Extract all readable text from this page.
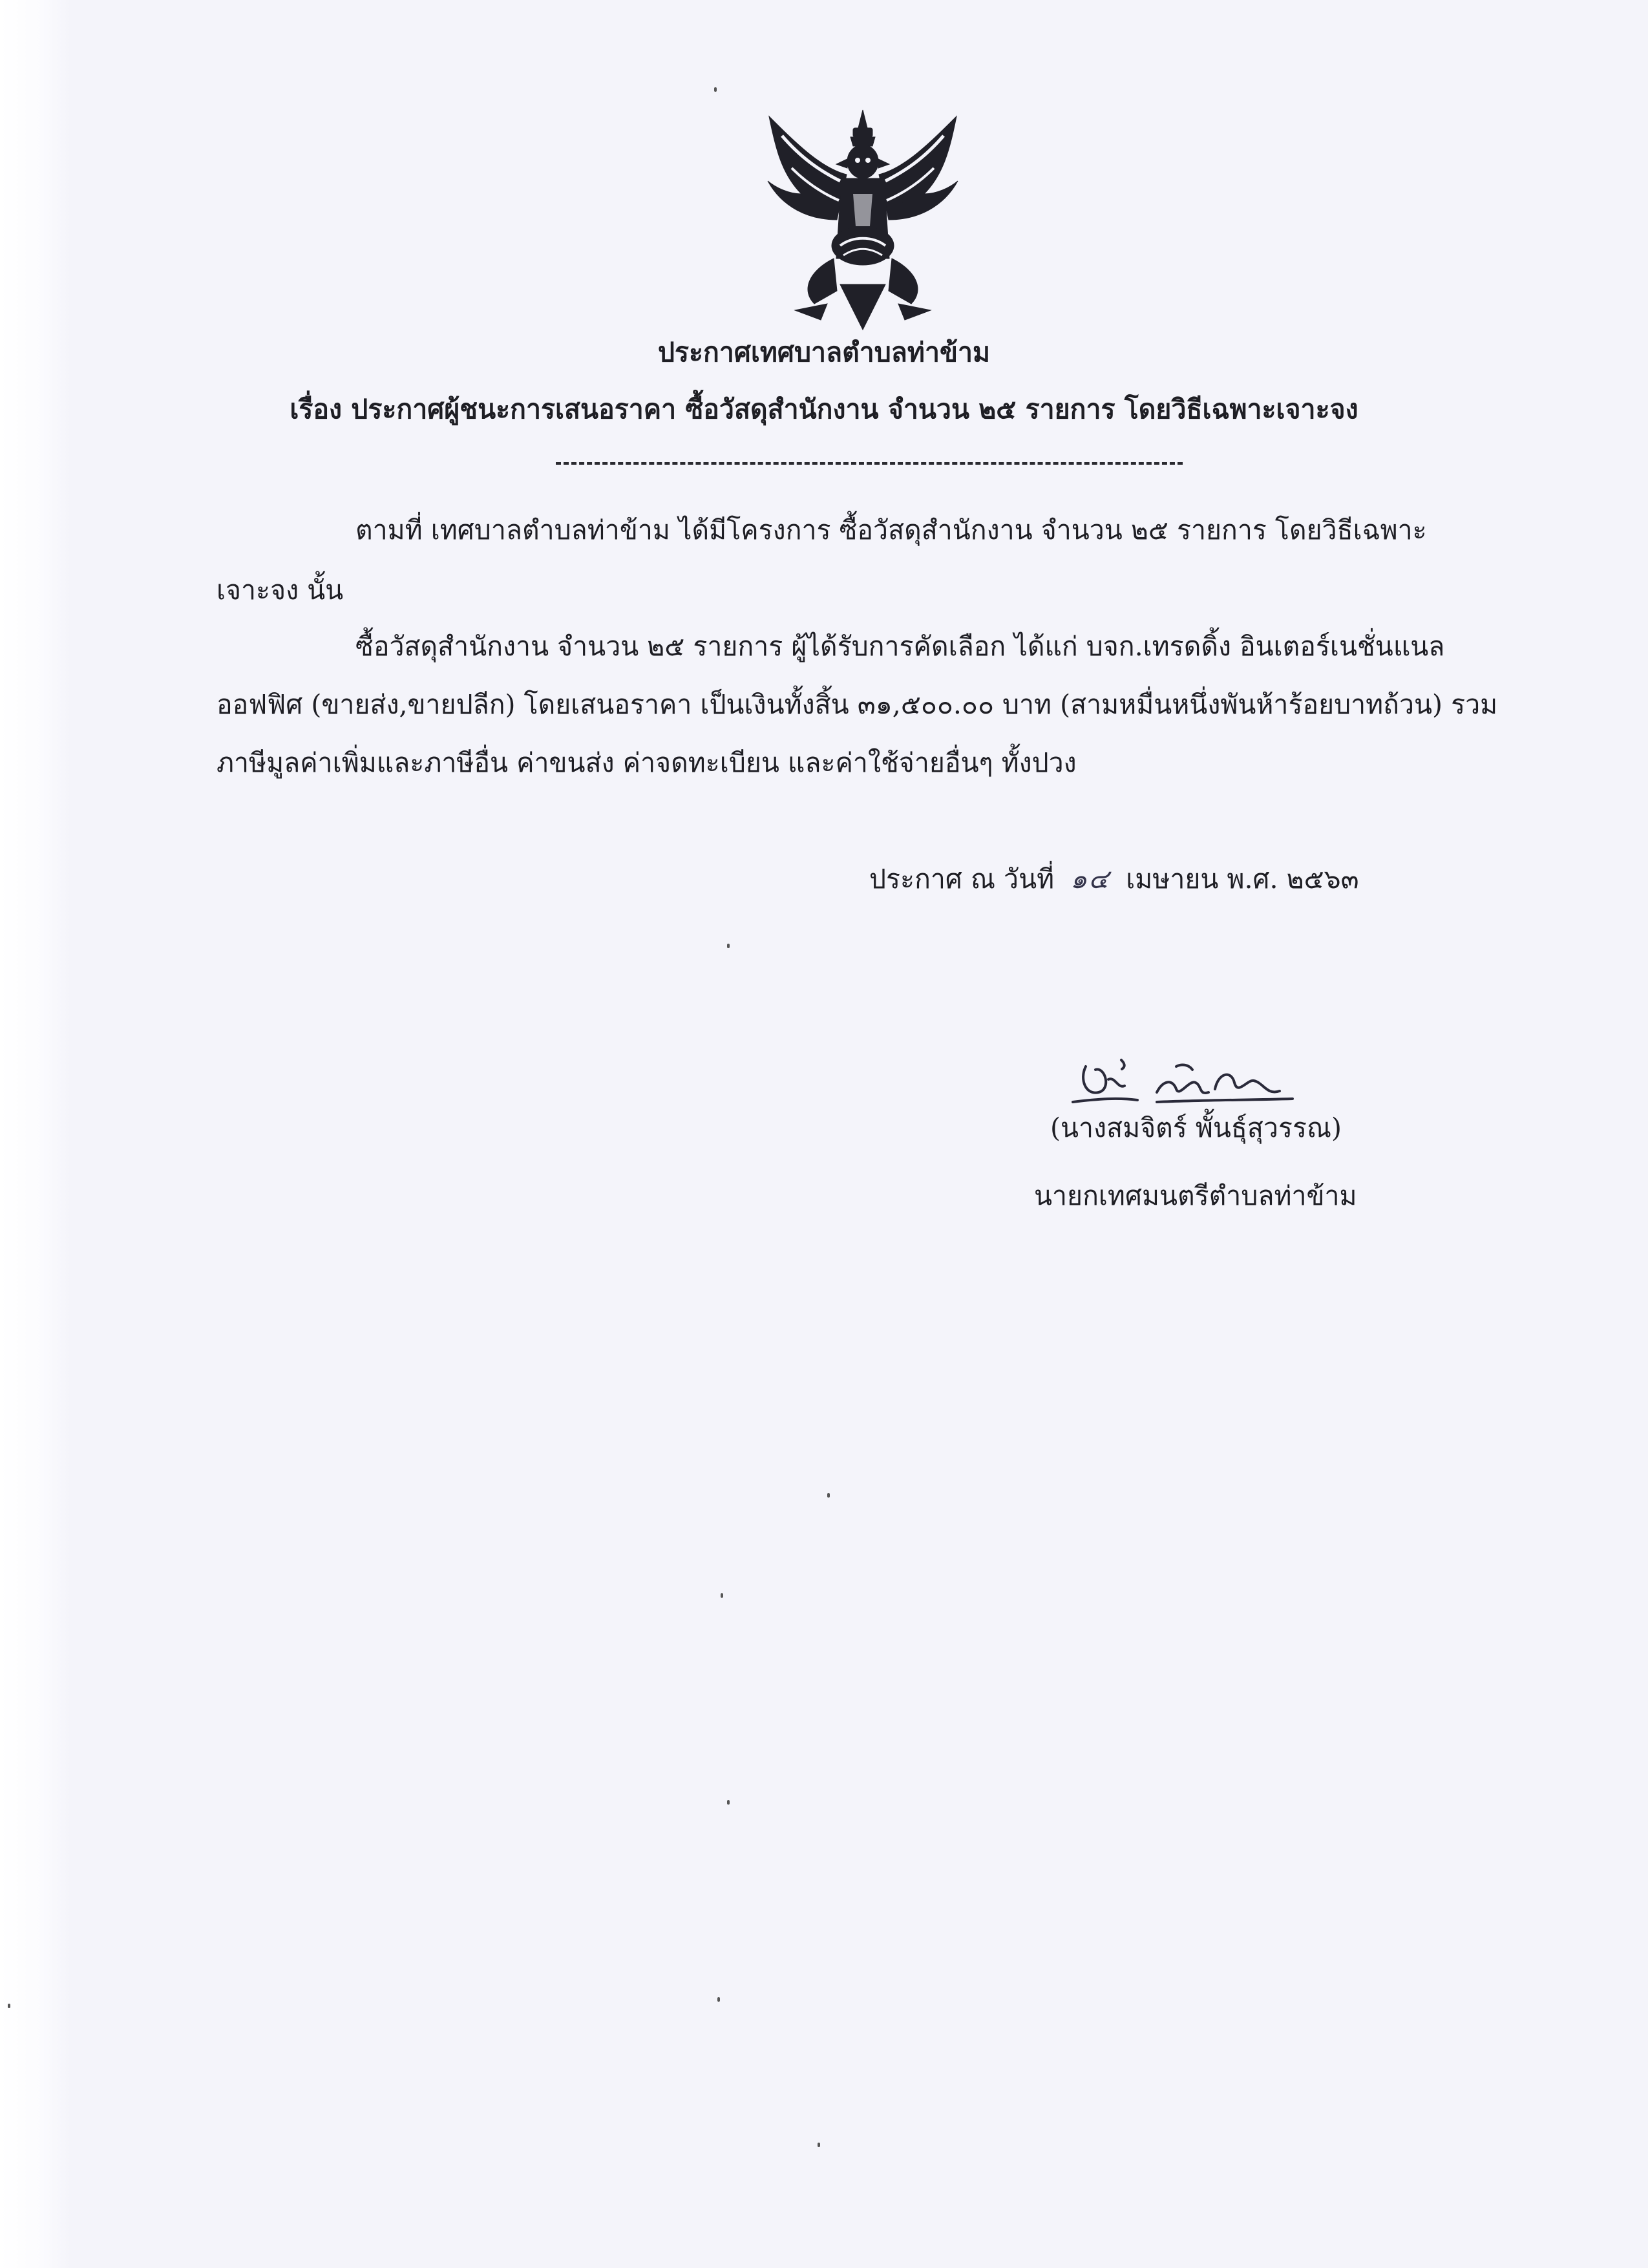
ประกาศเทศบาลตำบลท่าข้าม
เรื่อง ประกาศผู้ชนะการเสนอราคา ซื้อวัสดุสำนักงาน จำนวน ๒๕ รายการ โดยวิธีเฉพาะเจาะจง
ตามที่ เทศบาลตำบลท่าข้าม ได้มีโครงการ ซื้อวัสดุสำนักงาน จำนวน ๒๕ รายการ โดยวิธีเฉพาะ
เจาะจง นั้น
ซื้อวัสดุสำนักงาน จำนวน ๒๕ รายการ ผู้ได้รับการคัดเลือก ได้แก่ บจก.เทรดดิ้ง อินเตอร์เนชั่นแนล
ออฟฟิศ (ขายส่ง,ขายปลีก) โดยเสนอราคา เป็นเงินทั้งสิ้น ๓๑,๕๐๐.๐๐ บาท (สามหมื่นหนึ่งพันห้าร้อยบาทถ้วน) รวม
ภาษีมูลค่าเพิ่มและภาษีอื่น ค่าขนส่ง ค่าจดทะเบียน และค่าใช้จ่ายอื่นๆ ทั้งปวง
ประกาศ ณ วันที่ ๑๔ เมษายน พ.ศ. ๒๕๖๓
(นางสมจิตร์ พั้นธุ์สุวรรณ)
นายกเทศมนตรีตำบลท่าข้าม
